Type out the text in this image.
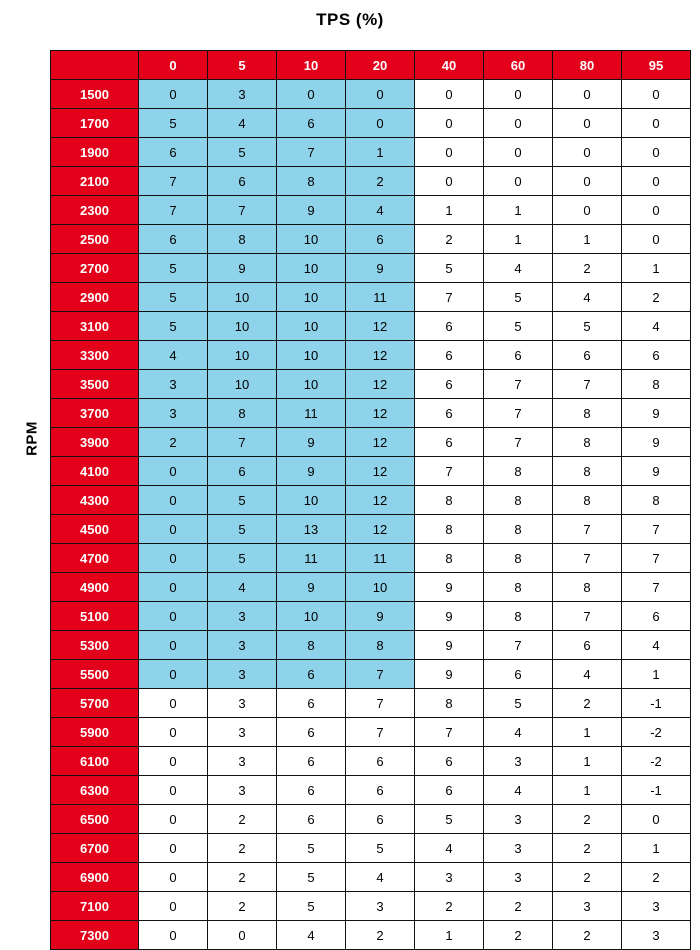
TPS (%)
RPM
	0	5	10	20	40	60	80	95
1500	0	3	0	0	0	0	0	0
1700	5	4	6	0	0	0	0	0
1900	6	5	7	1	0	0	0	0
2100	7	6	8	2	0	0	0	0
2300	7	7	9	4	1	1	0	0
2500	6	8	10	6	2	1	1	0
2700	5	9	10	9	5	4	2	1
2900	5	10	10	11	7	5	4	2
3100	5	10	10	12	6	5	5	4
3300	4	10	10	12	6	6	6	6
3500	3	10	10	12	6	7	7	8
3700	3	8	11	12	6	7	8	9
3900	2	7	9	12	6	7	8	9
4100	0	6	9	12	7	8	8	9
4300	0	5	10	12	8	8	8	8
4500	0	5	13	12	8	8	7	7
4700	0	5	11	11	8	8	7	7
4900	0	4	9	10	9	8	8	7
5100	0	3	10	9	9	8	7	6
5300	0	3	8	8	9	7	6	4
5500	0	3	6	7	9	6	4	1
5700	0	3	6	7	8	5	2	-1
5900	0	3	6	7	7	4	1	-2
6100	0	3	6	6	6	3	1	-2
6300	0	3	6	6	6	4	1	-1
6500	0	2	6	6	5	3	2	0
6700	0	2	5	5	4	3	2	1
6900	0	2	5	4	3	3	2	2
7100	0	2	5	3	2	2	3	3
7300	0	0	4	2	1	2	2	3
